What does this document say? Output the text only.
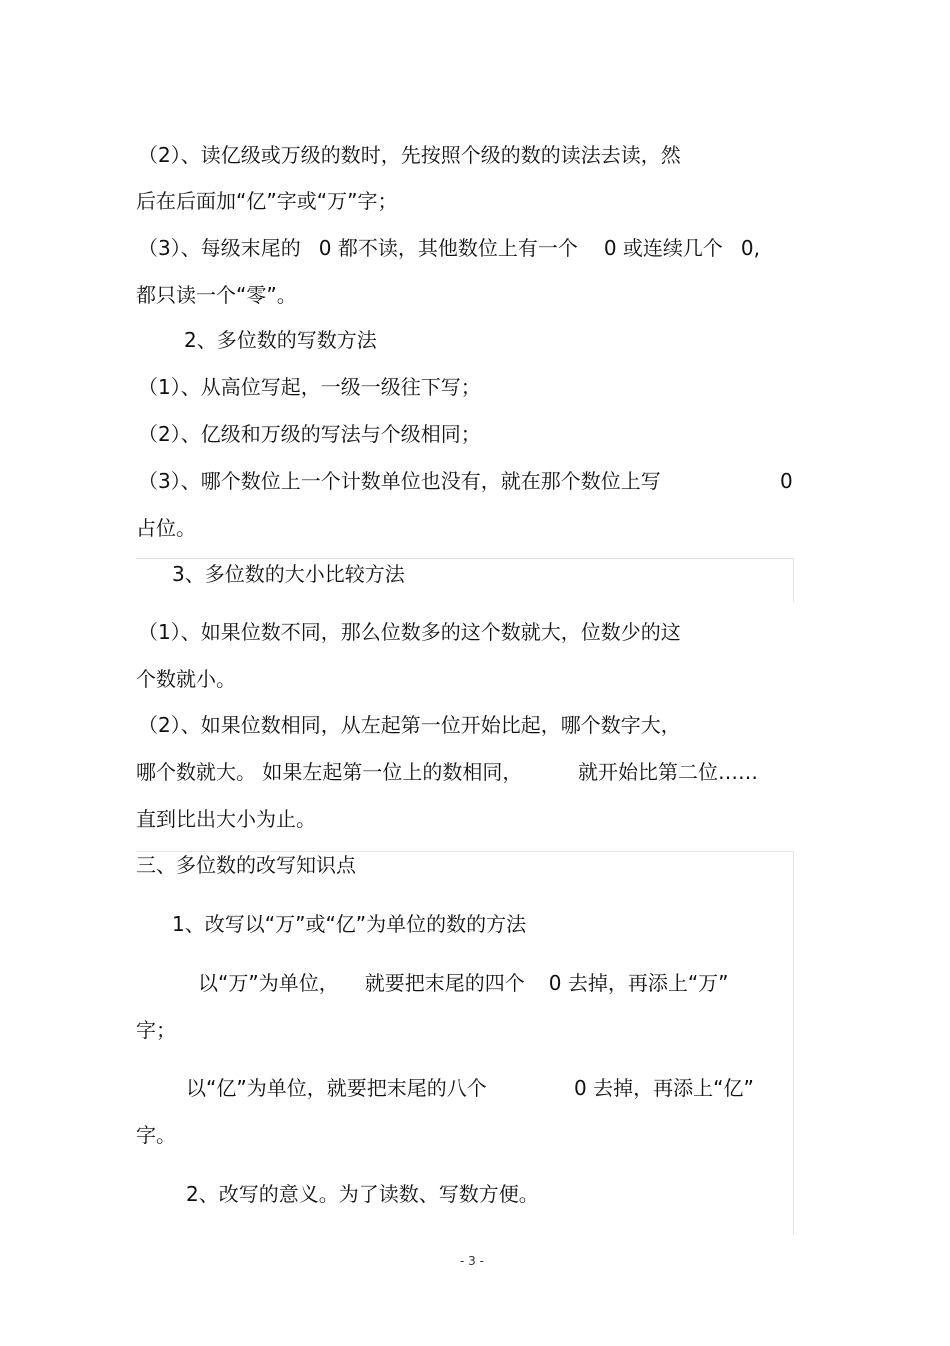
（2）、读亿级或万级的数时，先按照个级的数的读法去读，然
后在后面加“亿”字或“万”字；
（3）、每级末尾的 0 都不读，其他数位上有一个 0 或连续几个 0,
都只读一个“零”。
2、多位数的写数方法
（1）、从高位写起，一级一级往下写；
（2）、亿级和万级的写法与个级相同；
（3）、哪个数位上一个计数单位也没有，就在那个数位上写	0
占位。
3、多位数的大小比较方法
（1）、如果位数不同，那么位数多的这个数就大，位数少的这
个数就小。
（2）、如果位数相同，从左起第一位开始比起，哪个数字大，
哪个数就大。 如果左起第一位上的数相同，	就开始比第二位……
直到比出大小为止。
三、多位数的改写知识点
1、改写以“万”或“亿”为单位的数的方法
以“万”为单位， 就要把末尾的四个 0 去掉，再添上“万”
字；
以“亿”为单位，就要把末尾的八个	0 去掉，再添上“亿”
字。
2、改写的意义。为了读数、写数方便。
- 3 -
